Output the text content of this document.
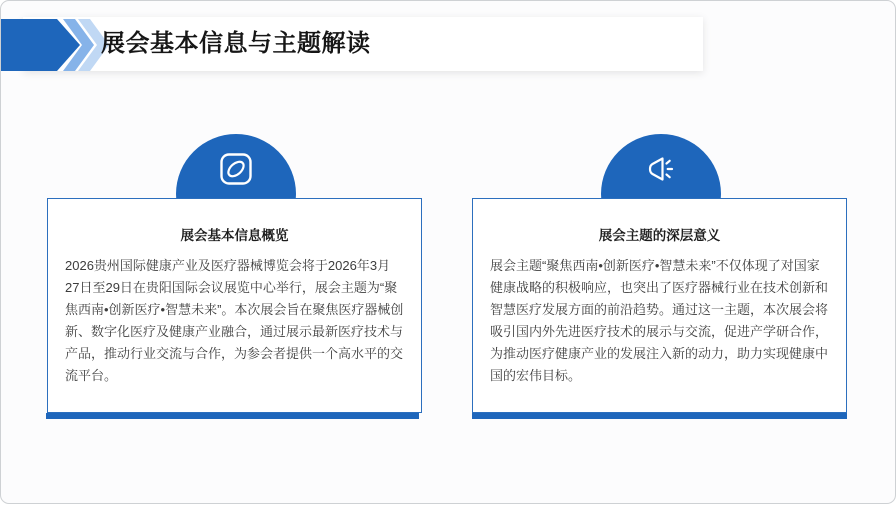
展会基本信息与主题解读
展会基本信息概览

2026贵州国际健康产业及医疗器械博览会将于2026年3月27日至29日在贵阳国际会议展览中心举行，展会主题为“聚焦西南•创新医疗•智慧未来”。本次展会旨在聚焦医疗器械创新、数字化医疗及健康产业融合，通过展示最新医疗技术与产品，推动行业交流与合作，为参会者提供一个高水平的交流平台。

展会主题的深层意义

展会主题“聚焦西南•创新医疗•智慧未来”不仅体现了对国家健康战略的积极响应，也突出了医疗器械行业在技术创新和智慧医疗发展方面的前沿趋势。通过这一主题，本次展会将吸引国内外先进医疗技术的展示与交流，促进产学研合作，为推动医疗健康产业的发展注入新的动力，助力实现健康中国的宏伟目标。
